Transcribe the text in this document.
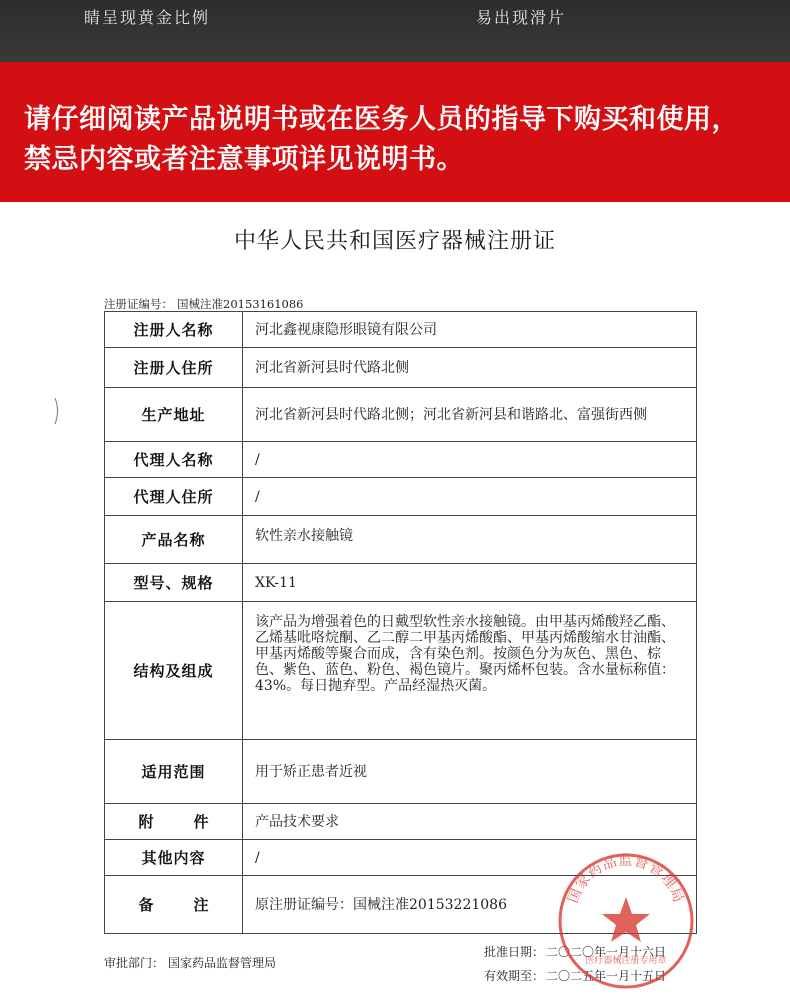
睛呈现黄金比例	易出现滑片
请仔细阅读产品说明书或在医务人员的指导下购买和使用，
禁忌内容或者注意事项详见说明书。
中华人民共和国医疗器械注册证
注册证编号： 国械注准20153161086
注册人名称	河北鑫视康隐形眼镜有限公司
注册人住所	河北省新河县时代路北侧
生产地址	河北省新河县时代路北侧；河北省新河县和谐路北、富强街西侧
代理人名称	/
代理人住所	/
产品名称	软性亲水接触镜
型号、规格	XK-11
结构及组成	该产品为增强着色的日戴型软性亲水接触镜。由甲基丙烯酸羟乙酯、乙烯基吡咯烷酮、乙二醇二甲基丙烯酸酯、甲基丙烯酸缩水甘油酯、甲基丙烯酸等聚合而成，含有染色剂。按颜色分为灰色、黑色、棕色、紫色、蓝色、粉色、褐色镜片。聚丙烯杯包装。含水量标称值：43%。每日抛弃型。产品经湿热灭菌。
适用范围	用于矫正患者近视
附件	产品技术要求
其他内容	/
备注	原注册证编号：国械注准20153221086
审批部门： 国家药品监督管理局
批准日期： 二〇二〇年一月十六日
有效期至： 二〇二五年一月十五日
国家药品监督管理局
医疗器械注册专用章
